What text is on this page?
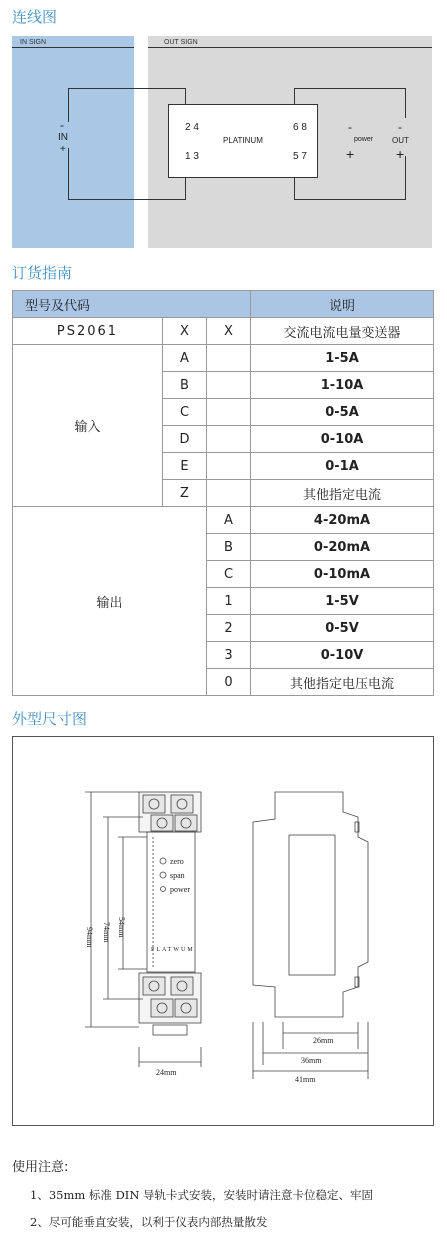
连线图
订货指南
外型尺寸图
IN SIGN	OUT SIGN
2 4
1 3
PLATINUM
6 8
5 7
-
IN
+
-
power
+
-
OUT
+
型号及代码			说明
PS2061	X	X	交流电流电量变送器
输入	A		1-5A
	B		1-10A
	C		0-5A
	D		0-10A
	E		0-1A
	Z		其他指定电流
输出		A	4-20mA
		B	0-20mA
		C	0-10mA
		1	1-5V
		2	0-5V
		3	0-10V
		0	其他指定电压电流
zero
span
power
PLATWUM
94mm 74mm 54mm
24mm
26mm
36mm
41mm
使用注意:
1、35mm 标准 DIN 导轨卡式安装，安装时请注意卡位稳定、牢固
2、尽可能垂直安装，以利于仪表内部热量散发
